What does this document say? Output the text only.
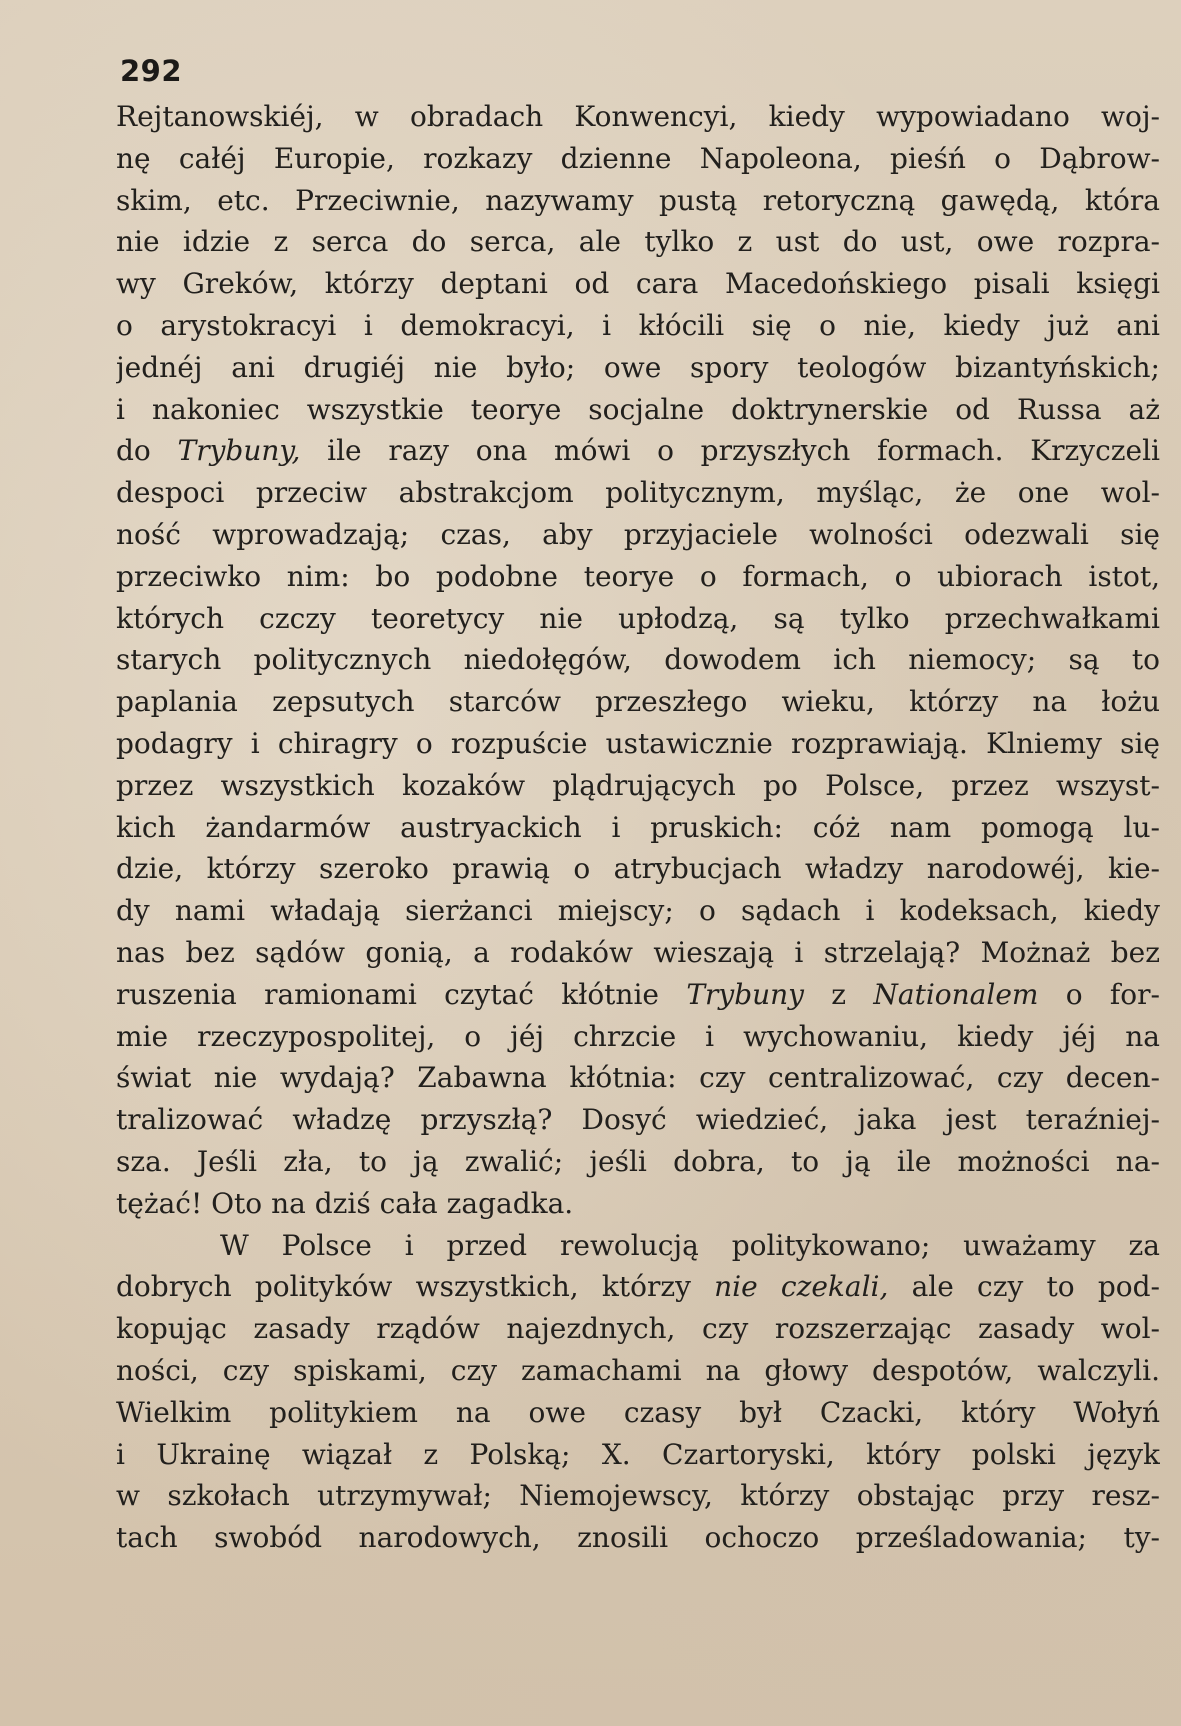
292
Rejtanowskiéj, w obradach Konwencyi, kiedy wypowiadano woj-
nę całéj Europie, rozkazy dzienne Napoleona, pieśń o Dąbrow-
skim, etc. Przeciwnie, nazywamy pustą retoryczną gawędą, która
nie idzie z serca do serca, ale tylko z ust do ust, owe rozpra-
wy Greków, którzy deptani od cara Macedońskiego pisali księgi
o arystokracyi i demokracyi, i kłócili się o nie, kiedy już ani
jednéj ani drugiéj nie było; owe spory teologów bizantyńskich;
i nakoniec wszystkie teorye socjalne doktrynerskie od Russa aż
do Trybuny, ile razy ona mówi o przyszłych formach. Krzyczeli
despoci przeciw abstrakcjom politycznym, myśląc, że one wol-
ność wprowadzają; czas, aby przyjaciele wolności odezwali się
przeciwko nim: bo podobne teorye o formach, o ubiorach istot,
których czczy teoretycy nie upłodzą, są tylko przechwałkami
starych politycznych niedołęgów, dowodem ich niemocy; są to
paplania zepsutych starców przeszłego wieku, którzy na łożu
podagry i chiragry o rozpuście ustawicznie rozprawiają. Klniemy się
przez wszystkich kozaków plądrujących po Polsce, przez wszyst-
kich żandarmów austryackich i pruskich: cóż nam pomogą lu-
dzie, którzy szeroko prawią o atrybucjach władzy narodowéj, kie-
dy nami władają sierżanci miejscy; o sądach i kodeksach, kiedy
nas bez sądów gonią, a rodaków wieszają i strzelają? Możnaż bez
ruszenia ramionami czytać kłótnie Trybuny z Nationalem o for-
mie rzeczypospolitej, o jéj chrzcie i wychowaniu, kiedy jéj na
świat nie wydają? Zabawna kłótnia: czy centralizować, czy decen-
tralizować władzę przyszłą? Dosyć wiedzieć, jaka jest teraźniej-
sza. Jeśli zła, to ją zwalić; jeśli dobra, to ją ile możności na-
tężać! Oto na dziś cała zagadka.
W Polsce i przed rewolucją politykowano; uważamy za
dobrych polityków wszystkich, którzy nie czekali, ale czy to pod-
kopując zasady rządów najezdnych, czy rozszerzając zasady wol-
ności, czy spiskami, czy zamachami na głowy despotów, walczyli.
Wielkim politykiem na owe czasy był Czacki, który Wołyń
i Ukrainę wiązał z Polską; X. Czartoryski, który polski język
w szkołach utrzymywał; Niemojewscy, którzy obstając przy resz-
tach swobód narodowych, znosili ochoczo prześladowania; ty-
